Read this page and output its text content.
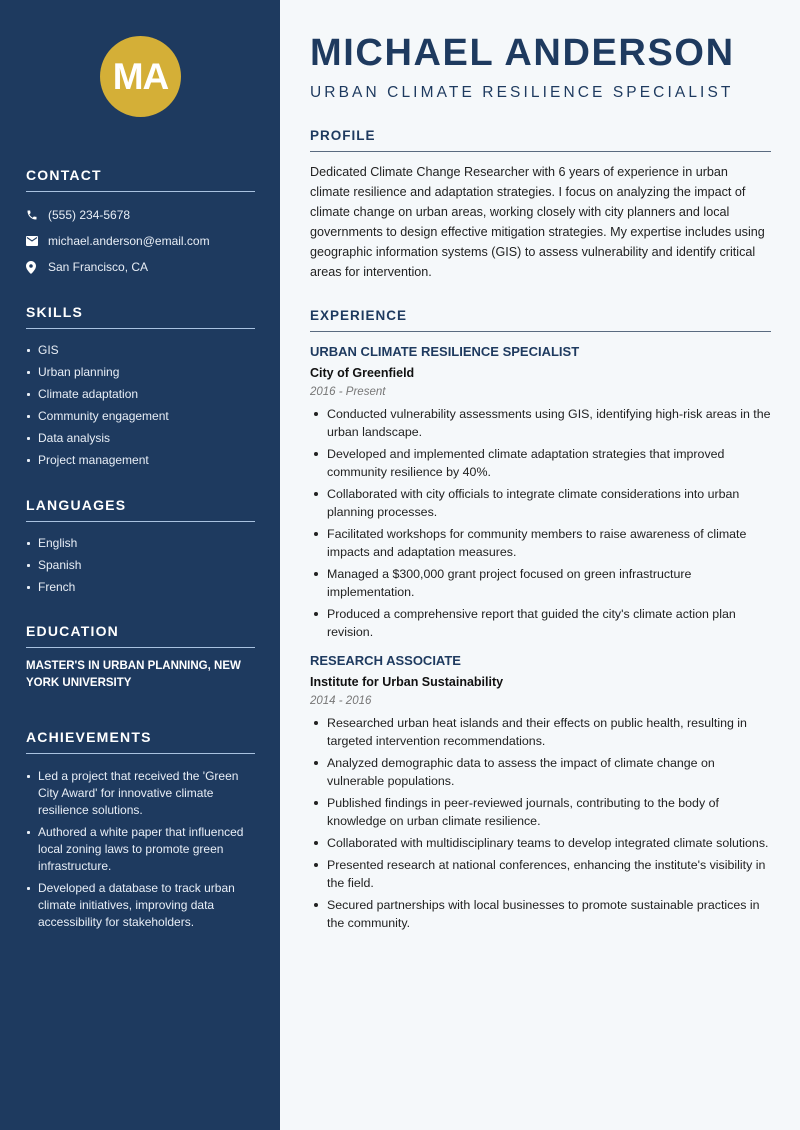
MA
CONTACT
(555) 234-5678
michael.anderson@email.com
San Francisco, CA
SKILLS
GIS
Urban planning
Climate adaptation
Community engagement
Data analysis
Project management
LANGUAGES
English
Spanish
French
EDUCATION
MASTER'S IN URBAN PLANNING, NEW YORK UNIVERSITY
ACHIEVEMENTS
Led a project that received the 'Green City Award' for innovative climate resilience solutions.
Authored a white paper that influenced local zoning laws to promote green infrastructure.
Developed a database to track urban climate initiatives, improving data accessibility for stakeholders.
MICHAEL ANDERSON
URBAN CLIMATE RESILIENCE SPECIALIST
PROFILE

Dedicated Climate Change Researcher with 6 years of experience in urban climate resilience and adaptation strategies. I focus on analyzing the impact of climate change on urban areas, working closely with city planners and local governments to design effective mitigation strategies. My expertise includes using geographic information systems (GIS) to assess vulnerability and identify critical areas for intervention.

EXPERIENCE
URBAN CLIMATE RESILIENCE SPECIALIST
City of Greenfield
2016 - Present
Conducted vulnerability assessments using GIS, identifying high-risk areas in the urban landscape.
Developed and implemented climate adaptation strategies that improved community resilience by 40%.
Collaborated with city officials to integrate climate considerations into urban planning processes.
Facilitated workshops for community members to raise awareness of climate impacts and adaptation measures.
Managed a $300,000 grant project focused on green infrastructure implementation.
Produced a comprehensive report that guided the city's climate action plan revision.
RESEARCH ASSOCIATE
Institute for Urban Sustainability
2014 - 2016
Researched urban heat islands and their effects on public health, resulting in targeted intervention recommendations.
Analyzed demographic data to assess the impact of climate change on vulnerable populations.
Published findings in peer-reviewed journals, contributing to the body of knowledge on urban climate resilience.
Collaborated with multidisciplinary teams to develop integrated climate solutions.
Presented research at national conferences, enhancing the institute's visibility in the field.
Secured partnerships with local businesses to promote sustainable practices in the community.
